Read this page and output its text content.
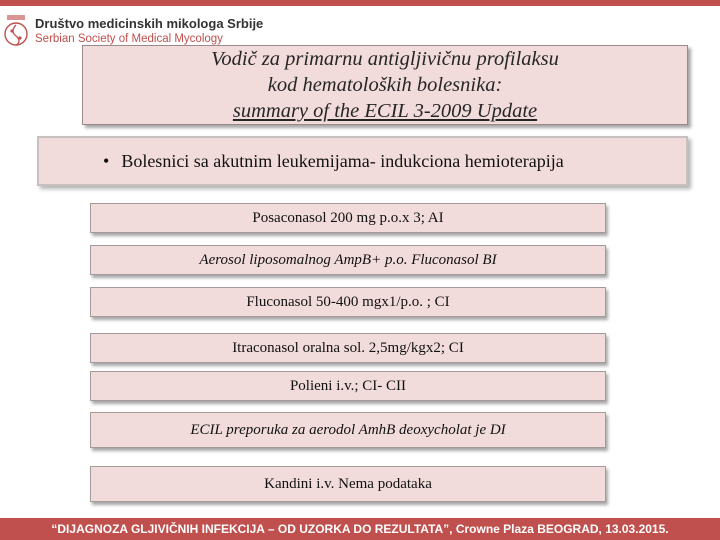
Društvo medicinskih mikologa Srbije
Serbian Society of Medical Mycology
Vodič za primarnu antigljivičnu profilaksu
kod hematoloških bolesnika:
summary of the ECIL 3-2009 Update
• Bolesnici sa akutnim leukemijama- indukciona hemioterapija
Posaconasol 200 mg p.o.x 3; AI
Aerosol liposomalnog AmpB+ p.o. Fluconasol BI
Fluconasol 50-400 mgx1/p.o. ; CI
Itraconasol oralna sol. 2,5mg/kgx2; CI
Polieni i.v.; CI- CII
ECIL preporuka za aerodol AmhB deoxycholat je DI
Kandini i.v. Nema podataka
“DIJAGNOZA GLJIVIČNIH INFEKCIJA – OD UZORKA DO REZULTATA”, Crowne Plaza BEOGRAD, 13.03.2015.
